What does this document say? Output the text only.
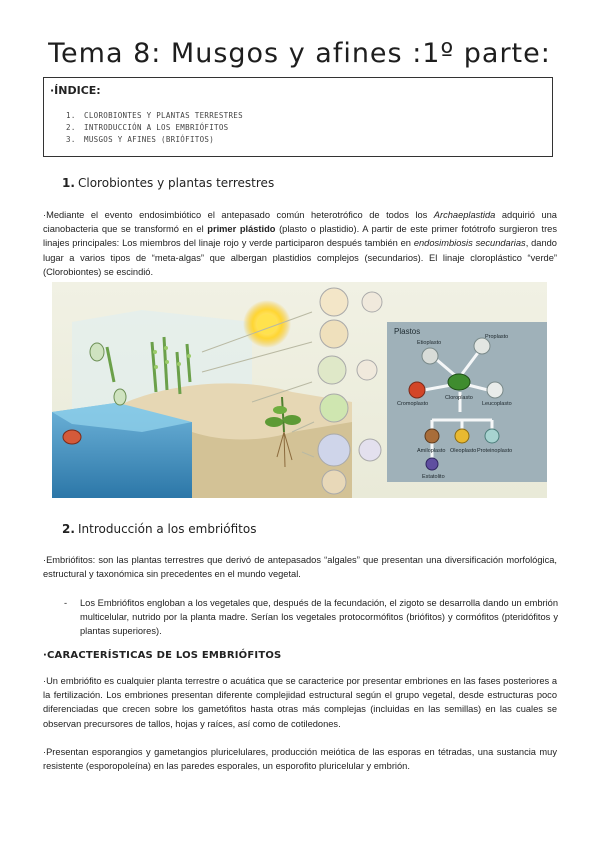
Tema 8: Musgos y afines :1º parte:
·ÍNDICE:
1. CLOROBIONTES Y PLANTAS TERRESTRES
2. INTRODUCCIÓN A LOS EMBRIÓFITOS
3. MUSGOS Y AFINES (BRIÓFITOS)
1. Clorobiontes y plantas terrestres
·Mediante el evento endosimbiótico el antepasado común heterotrófico de todos los Archaeplastida adquirió una cianobacteria que se transformó en el primer plástido (plasto o plastidio). A partir de este primer fotótrofo surgieron tres linajes principales: Los miembros del linaje rojo y verde participaron después también en endosimbiosis secundarias, dando lugar a varios tipos de “meta-algas” que albergan plastidios complejos (secundarios). El linaje cloroplástico “verde” (Clorobiontes) se escindió.
Plastos
Etioplasto
Proplasto
Cromoplasto
Cloroplasto
Leucoplasto
Amiloplasto Oleoplasto Proteinoplasto
Estatolito
2. Introducción a los embriófitos
·Embriófitos: son las plantas terrestres que derivó de antepasados “algales” que presentan una diversificación morfológica, estructural y taxonómica sin precedentes en el mundo vegetal.
- Los Embriófitos engloban a los vegetales que, después de la fecundación, el zigoto se desarrolla dando un embrión multicelular, nutrido por la planta madre. Serían los vegetales protocormófitos (briófitos) y cormófitos (pteridófitos y plantas superiores).
·CARACTERÍSTICAS DE LOS EMBRIÓFITOS
·Un embriófito es cualquier planta terrestre o acuática que se caracterice por presentar embriones en las fases posteriores a la fertilización. Los embriones presentan diferente complejidad estructural según el grupo vegetal, desde estructuras poco diferenciadas que crecen sobre los gametófitos hasta otras más complejas (incluidas en las semillas) en las cuales se observan precursores de tallos, hojas y raíces, así como de cotiledones.
·Presentan esporangios y gametangios pluricelulares, producción meiótica de las esporas en tétradas, una sustancia muy resistente (esporopoleína) en las paredes esporales, un esporofito pluricelular y embrión.
